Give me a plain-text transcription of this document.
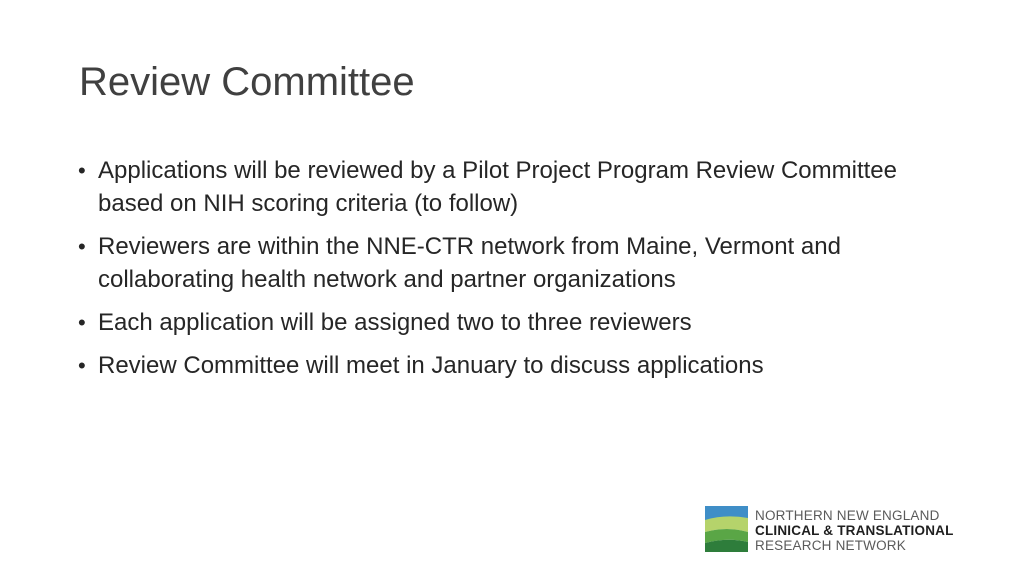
Review Committee
• Applications will be reviewed by a Pilot Project Program Review Committee based on NIH scoring criteria (to follow)
• Reviewers are within the NNE-CTR network from Maine, Vermont and collaborating health network and partner organizations
• Each application will be assigned two to three reviewers
• Review Committee will meet in January to discuss applications
NORTHERN NEW ENGLAND
CLINICAL & TRANSLATIONAL
RESEARCH NETWORK
